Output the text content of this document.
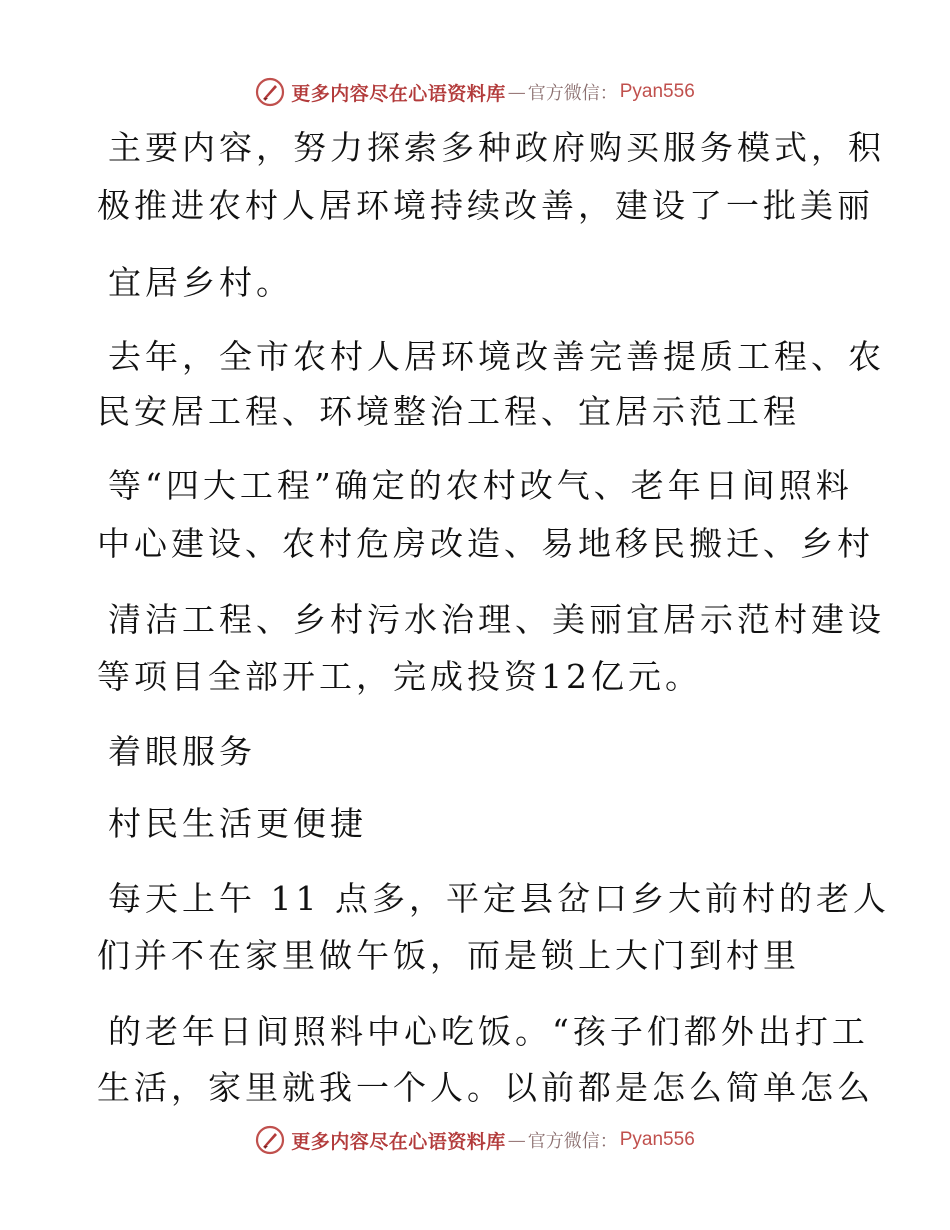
更多内容尽在心语资料库 — 官方微信： Pyan556
主要内容，努力探索多种政府购买服务模式，积
极推进农村人居环境持续改善，建设了一批美丽
宜居乡村。
去年，全市农村人居环境改善完善提质工程、农
民安居工程、环境整治工程、宜居示范工程
等“四大工程”确定的农村改气、老年日间照料
中心建设、农村危房改造、易地移民搬迁、乡村
清洁工程、乡村污水治理、美丽宜居示范村建设
等项目全部开工，完成投资12亿元。
着眼服务
村民生活更便捷
每天上午 11 点多，平定县岔口乡大前村的老人
们并不在家里做午饭，而是锁上大门到村里
的老年日间照料中心吃饭。“孩子们都外出打工
生活，家里就我一个人。以前都是怎么简单怎么
更多内容尽在心语资料库 — 官方微信： Pyan556
